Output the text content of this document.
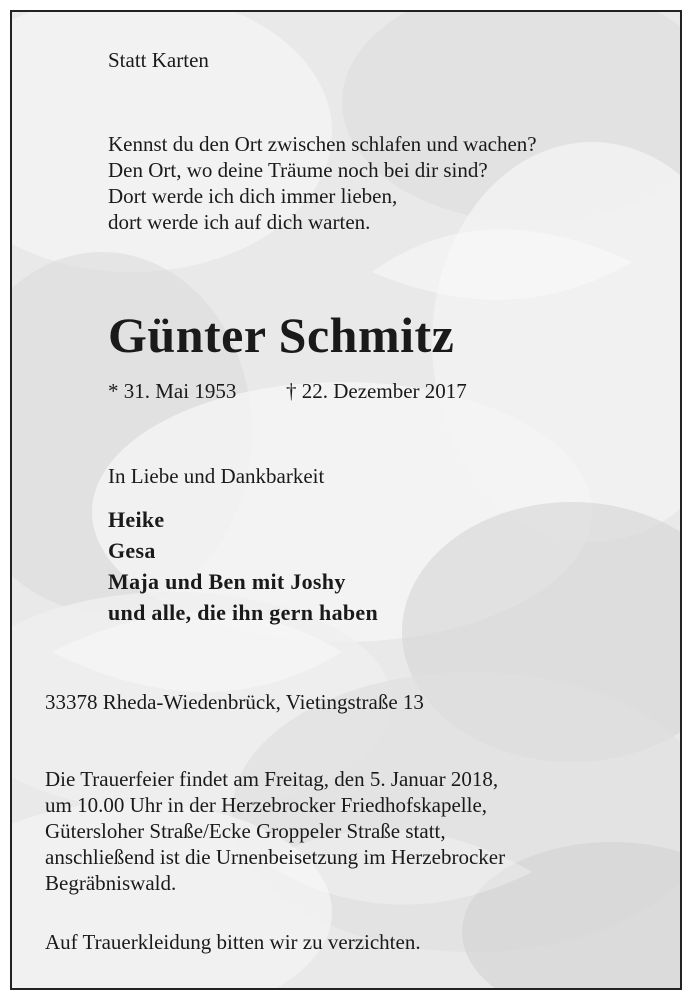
Statt Karten
Kennst du den Ort zwischen schlafen und wachen?
Den Ort, wo deine Träume noch bei dir sind?
Dort werde ich dich immer lieben,
dort werde ich auf dich warten.
Günter Schmitz
* 31. Mai 1953 † 22. Dezember 2017
In Liebe und Dankbarkeit
Heike
Gesa
Maja und Ben mit Joshy
und alle, die ihn gern haben
33378 Rheda-Wiedenbrück, Vietingstraße 13
Die Trauerfeier findet am Freitag, den 5. Januar 2018,
um 10.00 Uhr in der Herzebrocker Friedhofskapelle,
Gütersloher Straße/Ecke Groppeler Straße statt,
anschließend ist die Urnenbeisetzung im Herzebrocker
Begräbniswald.
Auf Trauerkleidung bitten wir zu verzichten.
